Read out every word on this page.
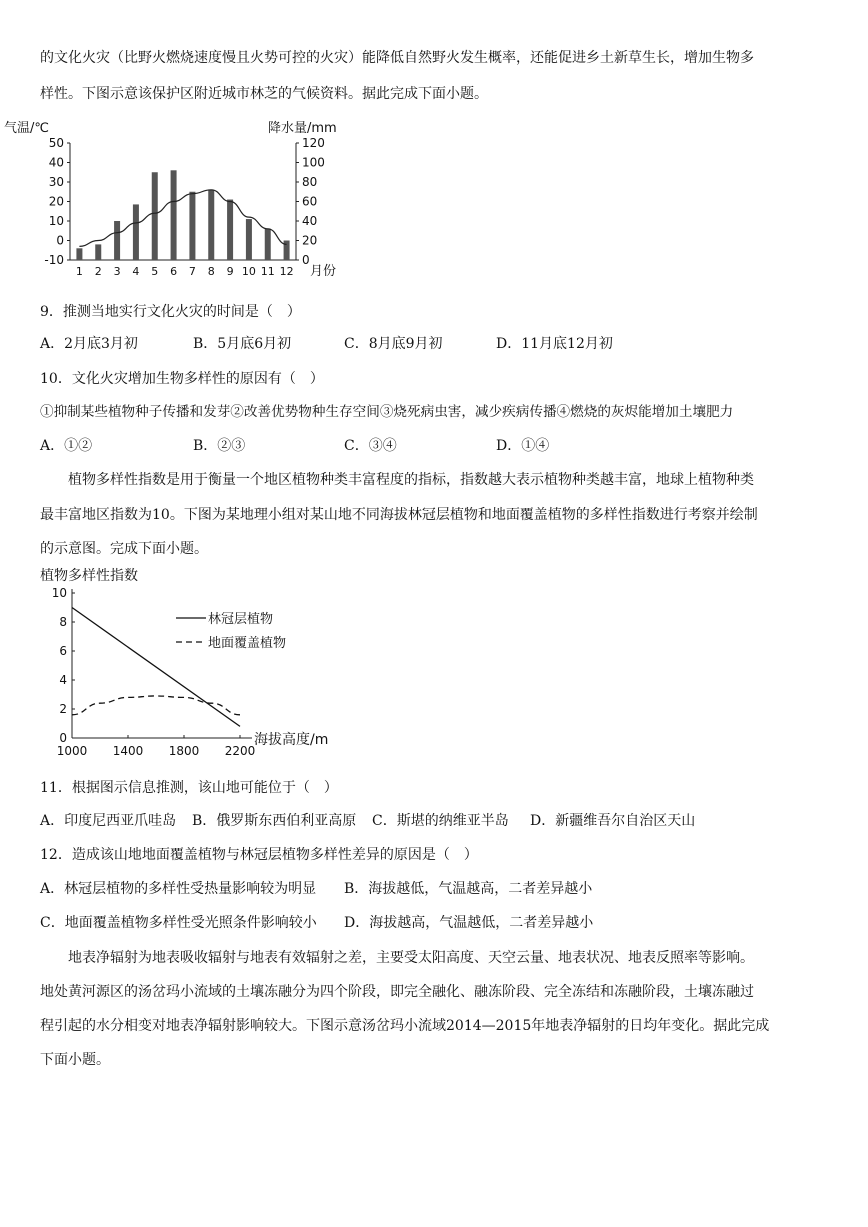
的文化火灾（比野火燃烧速度慢且火势可控的火灾）能降低自然野火发生概率，还能促进乡土新草生长，增加生物多
样性。下图示意该保护区附近城市林芝的气候资料。据此完成下面小题。
气温/℃	降水量/mm
-10
0
10
20
30
40
50
0
20
40
60
80
100
120
1 2 3 4 5 6 7 8 9 10 11 12 月份
9．推测当地实行文化火灾的时间是（　）
A．2月底3月初	B．5月底6月初	C．8月底9月初	D．11月底12月初
10．文化火灾增加生物多样性的原因有（　）
①抑制某些植物种子传播和发芽②改善优势物种生存空间③烧死病虫害，减少疾病传播④燃烧的灰烬能增加土壤肥力
A．①②	B．②③	C．③④	D．①④
植物多样性指数是用于衡量一个地区植物种类丰富程度的指标，指数越大表示植物种类越丰富，地球上植物种类
最丰富地区指数为10。下图为某地理小组对某山地不同海拔林冠层植物和地面覆盖植物的多样性指数进行考察并绘制
的示意图。完成下面小题。
植物多样性指数
0
2
4
6
8
10
1000 1400 1800 2200
海拔高度/m
林冠层植物
地面覆盖植物
11．根据图示信息推测，该山地可能位于（　）
A．印度尼西亚爪哇岛 B．俄罗斯东西伯利亚高原 C．斯堪的纳维亚半岛 D．新疆维吾尔自治区天山
12．造成该山地地面覆盖植物与林冠层植物多样性差异的原因是（　）
A．林冠层植物的多样性受热量影响较为明显 B．海拔越低，气温越高，二者差异越小
C．地面覆盖植物多样性受光照条件影响较小 D．海拔越高，气温越低，二者差异越小
地表净辐射为地表吸收辐射与地表有效辐射之差，主要受太阳高度、天空云量、地表状况、地表反照率等影响。
地处黄河源区的汤岔玛小流域的土壤冻融分为四个阶段，即完全融化、融冻阶段、完全冻结和冻融阶段，土壤冻融过
程引起的水分相变对地表净辐射影响较大。下图示意汤岔玛小流域2014—2015年地表净辐射的日均年变化。据此完成
下面小题。
